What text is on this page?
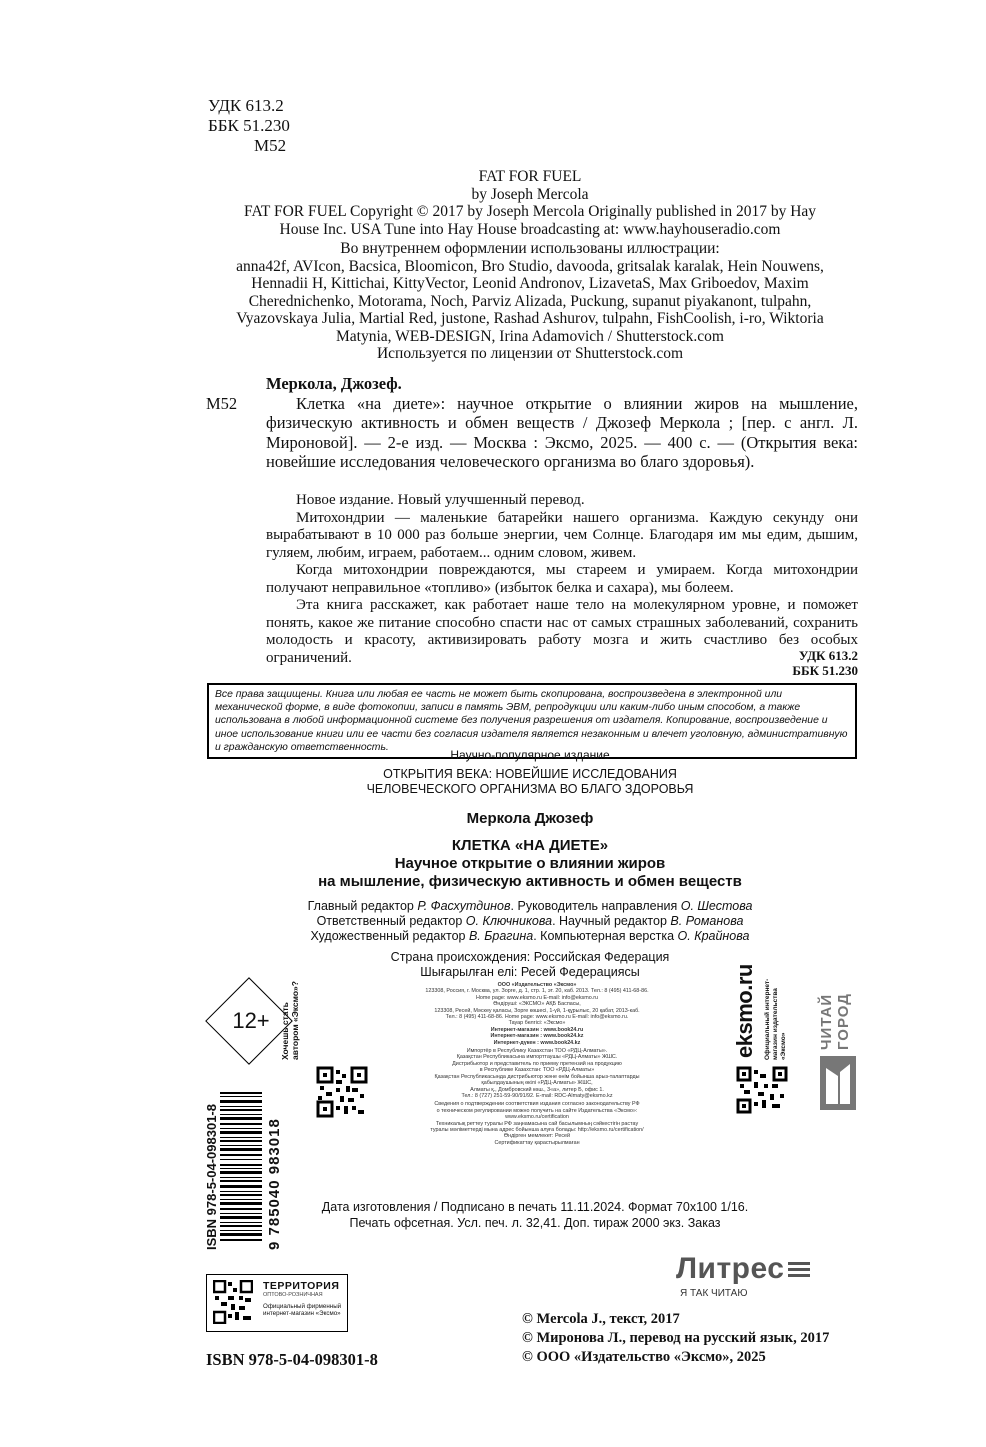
УДК 613.2
ББК 51.230
М52
FAT FOR FUEL
by Joseph Mercola
FAT FOR FUEL Copyright © 2017 by Joseph Mercola Originally published in 2017 by Hay
House Inc. USA Tune into Hay House broadcasting at: www.hayhouseradio.com
Во внутреннем оформлении использованы иллюстрации:
anna42f, AVIcon, Bacsica, Bloomicon, Bro Studio, davooda, gritsalak karalak, Hein Nouwens,
Hennadii H, Kittichai, KittyVector, Leonid Andronov, LizavetaS, Max Griboedov, Maxim
Cherednichenko, Motorama, Noch, Parviz Alizada, Puckung, supanut piyakanont, tulpahn,
Vyazovskaya Julia, Martial Red, justone, Rashad Ashurov, tulpahn, FishCoolish, i-ro, Wiktoria
Matynia, WEB-DESIGN, Irina Adamovich / Shutterstock.com
Используется по лицензии от Shutterstock.com
М52
Меркола, Джозеф.
Клетка «на диете»: научное открытие о влиянии жиров на мышление, физическую активность и обмен веществ / Джозеф Меркола ; [пер. с англ. Л. Мироновой]. — 2-е изд. — Москва : Эксмо, 2025. — 400 с. — (Открытия века: новейшие исследования человеческого организма во благо здоровья).

Новое издание. Новый улучшенный перевод.

Митохондрии — маленькие батарейки нашего организма. Каждую секунду они вырабатывают в 10 000 раз больше энергии, чем Солнце. Благодаря им мы едим, дышим, гуляем, любим, играем, работаем... одним словом, живем.

Когда митохондрии повреждаются, мы стареем и умираем. Когда митохондрии получают неправильное «топливо» (избыток белка и сахара), мы болеем.

Эта книга расскажет, как работает наше тело на молекулярном уровне, и поможет понять, какое же питание способно спасти нас от самых страшных заболеваний, сохранить молодость и красоту, активизировать работу мозга и жить счастливо без особых ограничений.	УДК 613.2
ББК 51.230
Все права защищены. Книга или любая ее часть не может быть скопирована, воспроизведена в электронной или механической форме, в виде фотокопии, записи в память ЭВМ, репродукции или каким-либо иным способом, а также использована в любой информационной системе без получения разрешения от издателя. Копирование, воспроизведение и иное использование книги или ее части без согласия издателя является незаконным и влечет уголовную, административную и гражданскую ответственность.
Научно-популярное издание
ОТКРЫТИЯ ВЕКА: НОВЕЙШИЕ ИССЛЕДОВАНИЯ
ЧЕЛОВЕЧЕСКОГО ОРГАНИЗМА ВО БЛАГО ЗДОРОВЬЯ
Меркола Джозеф
КЛЕТКА «НА ДИЕТЕ»
Научное открытие о влиянии жиров
на мышление, физическую активность и обмен веществ
Главный редактор Р. Фасхутдинов. Руководитель направления О. Шестова
Ответственный редактор О. Ключникова. Научный редактор В. Романова
Художественный редактор В. Брагина. Компьютерная верстка О. Крайнова
Страна происхождения: Российская Федерация
Шығарылған елі: Ресей Федерациясы
12+	Хочешь стать автором «Эксмо»?	ООО «Издательство «Эксмо»
123308, Россия, г. Москва, ул. Зорге, д. 1, стр. 1, эт. 20, каб. 2013. Тел.: 8 (495) 411-68-86.
Home page: www.eksmo.ru E-mail: info@eksmo.ru
Өндіруші: «ЭКСМО» АҚБ Баспасы,
123308, Ресей, Мәскеу қаласы, Зорге көшесі, 1-үй, 1-құрылыс, 20 қабат, 2013-каб.
Тел.: 8 (495) 411-68-86. Home page: www.eksmo.ru E-mail: info@eksmo.ru.
Тауар белгісі: «Эксмо»
Интернет-магазин : www.book24.ru
Интернет-магазин : www.book24.kz
Интернет-дүкен : www.book24.kz
Импортёр в Республику Казахстан ТОО «РДЦ-Алматы».
Қазақстан Республикасына импорттаушы «РДЦ-Алматы» ЖШС.
Дистрибьютор и представитель по приему претензий на продукцию
в Республике Казахстан: ТОО «РДЦ-Алматы»
Қазақстан Республикасында дистрибьютор және өнім бойынша арыз-талаптарды
қабылдаушының өкілі «РДЦ-Алматы» ЖШС,
Алматы қ., Домбровский көш., 3«а», литер Б, офис 1.
Тел.: 8 (727) 251-59-90/91/92. E-mail: RDC-Almaty@eksmo.kz
Сведения о подтверждении соответствия издания согласно законодательству РФ
о техническом регулировании можно получить на сайте Издательства «Эксмо»:
www.eksmo.ru/certification
Техникалық реттеу туралы РФ заңнамасына сай басылымның сәйкестігін растау
туралы мәліметтерді мына адрес бойынша алуға болады: http://eksmo.ru/certification/
Өндірген мемлекет: Ресей
Сертификаттау қарастырылмаған
eksmo.ru Официальный интернет-магазин издательства «Эксмо» ЧИТАЙ ГОРОД
9 785040 983018
ISBN 978-5-04-098301-8	Дата изготовления / Подписано в печать 11.11.2024. Формат 70x100 1/16.
Печать офсетная. Усл. печ. л. 32,41. Доп. тираж 2000 экз. Заказ
Литрес
Я ТАК ЧИТАЮ
ТЕРРИТОРИЯ
ОПТОВО-РОЗНИЧНАЯ
Официальный фирменный интернет-магазин «Эксмо»	© Mercola J., текст, 2017
© Миронова Л., перевод на русский язык, 2017
© ООО «Издательство «Эксмо», 2025
ISBN 978-5-04-098301-8
